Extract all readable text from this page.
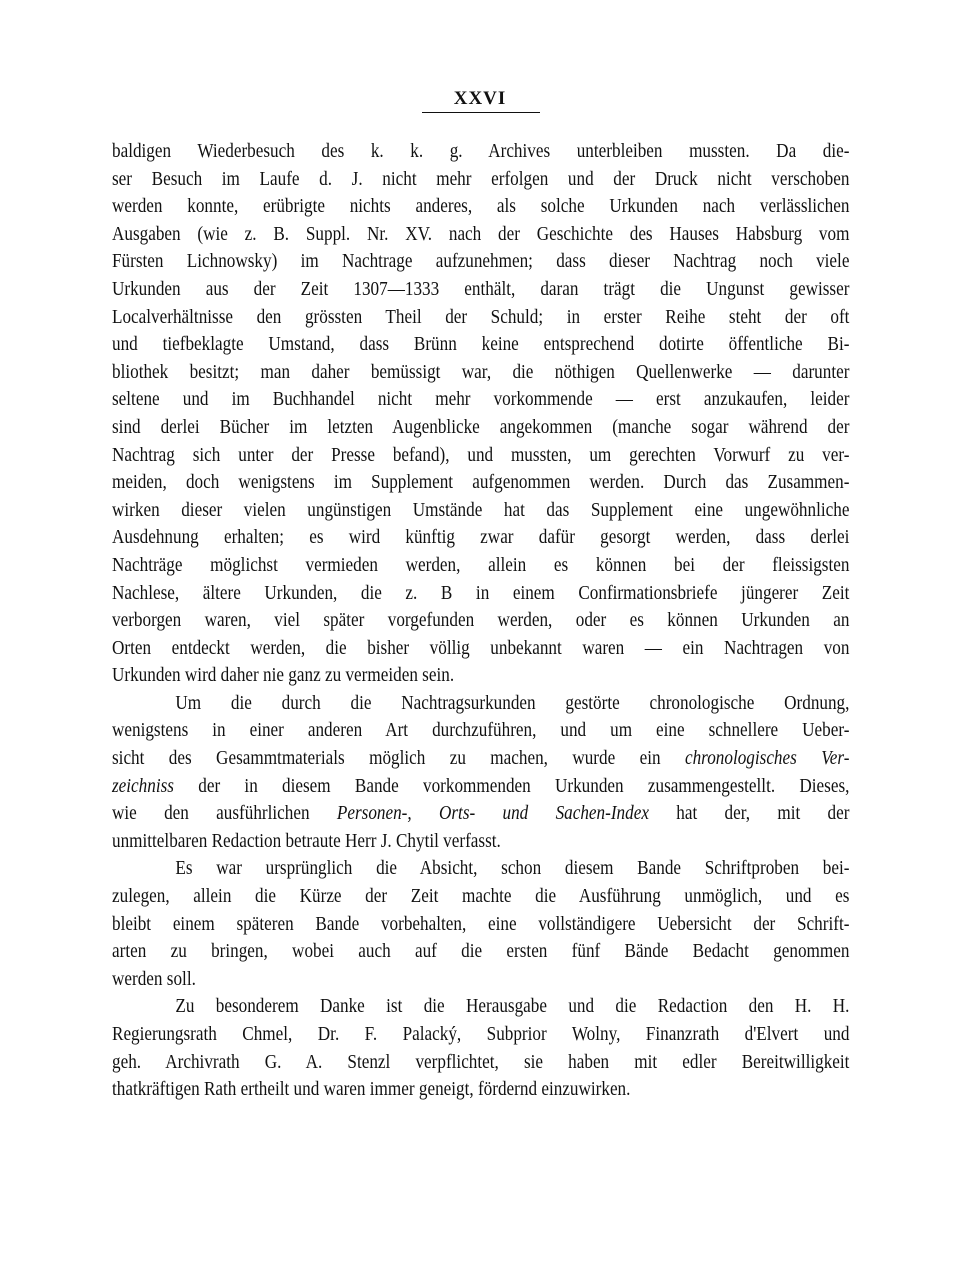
XXVI
baldigen Wiederbesuch des k. k. g. Archives unterbleiben mussten. Da die-
ser Besuch im Laufe d. J. nicht mehr erfolgen und der Druck nicht verschoben
werden konnte, erübrigte nichts anderes, als solche Urkunden nach verlässlichen
Ausgaben (wie z. B. Suppl. Nr. XV. nach der Geschichte des Hauses Habsburg vom
Fürsten Lichnowsky) im Nachtrage aufzunehmen; dass dieser Nachtrag noch viele
Urkunden aus der Zeit 1307—1333 enthält, daran trägt die Ungunst gewisser
Localverhältnisse den grössten Theil der Schuld; in erster Reihe steht der oft
und tiefbeklagte Umstand, dass Brünn keine entsprechend dotirte öffentliche Bi-
bliothek besitzt; man daher bemüssigt war, die nöthigen Quellenwerke — darunter
seltene und im Buchhandel nicht mehr vorkommende — erst anzukaufen, leider
sind derlei Bücher im letzten Augenblicke angekommen (manche sogar während der
Nachtrag sich unter der Presse befand), und mussten, um gerechten Vorwurf zu ver-
meiden, doch wenigstens im Supplement aufgenommen werden. Durch das Zusammen-
wirken dieser vielen ungünstigen Umstände hat das Supplement eine ungewöhnliche
Ausdehnung erhalten; es wird künftig zwar dafür gesorgt werden, dass derlei
Nachträge möglichst vermieden werden, allein es können bei der fleissigsten
Nachlese, ältere Urkunden, die z. B in einem Confirmationsbriefe jüngerer Zeit
verborgen waren, viel später vorgefunden werden, oder es können Urkunden an
Orten entdeckt werden, die bisher völlig unbekannt waren — ein Nachtragen von
Urkunden wird daher nie ganz zu vermeiden sein.
Um die durch die Nachtragsurkunden gestörte chronologische Ordnung,
wenigstens in einer anderen Art durchzuführen, und um eine schnellere Ueber-
sicht des Gesammtmaterials möglich zu machen, wurde ein chronologisches Ver-
zeichniss der in diesem Bande vorkommenden Urkunden zusammengestellt. Dieses,
wie den ausführlichen Personen-, Orts- und Sachen-Index hat der, mit der
unmittelbaren Redaction betraute Herr J. Chytil verfasst.
Es war ursprünglich die Absicht, schon diesem Bande Schriftproben bei-
zulegen, allein die Kürze der Zeit machte die Ausführung unmöglich, und es
bleibt einem späteren Bande vorbehalten, eine vollständigere Uebersicht der Schrift-
arten zu bringen, wobei auch auf die ersten fünf Bände Bedacht genommen
werden soll.
Zu besonderem Danke ist die Herausgabe und die Redaction den H. H.
Regierungsrath Chmel, Dr. F. Palacký, Subprior Wolny, Finanzrath d'Elvert und
geh. Archivrath G. A. Stenzl verpflichtet, sie haben mit edler Bereitwilligkeit
thatkräftigen Rath ertheilt und waren immer geneigt, fördernd einzuwirken.
